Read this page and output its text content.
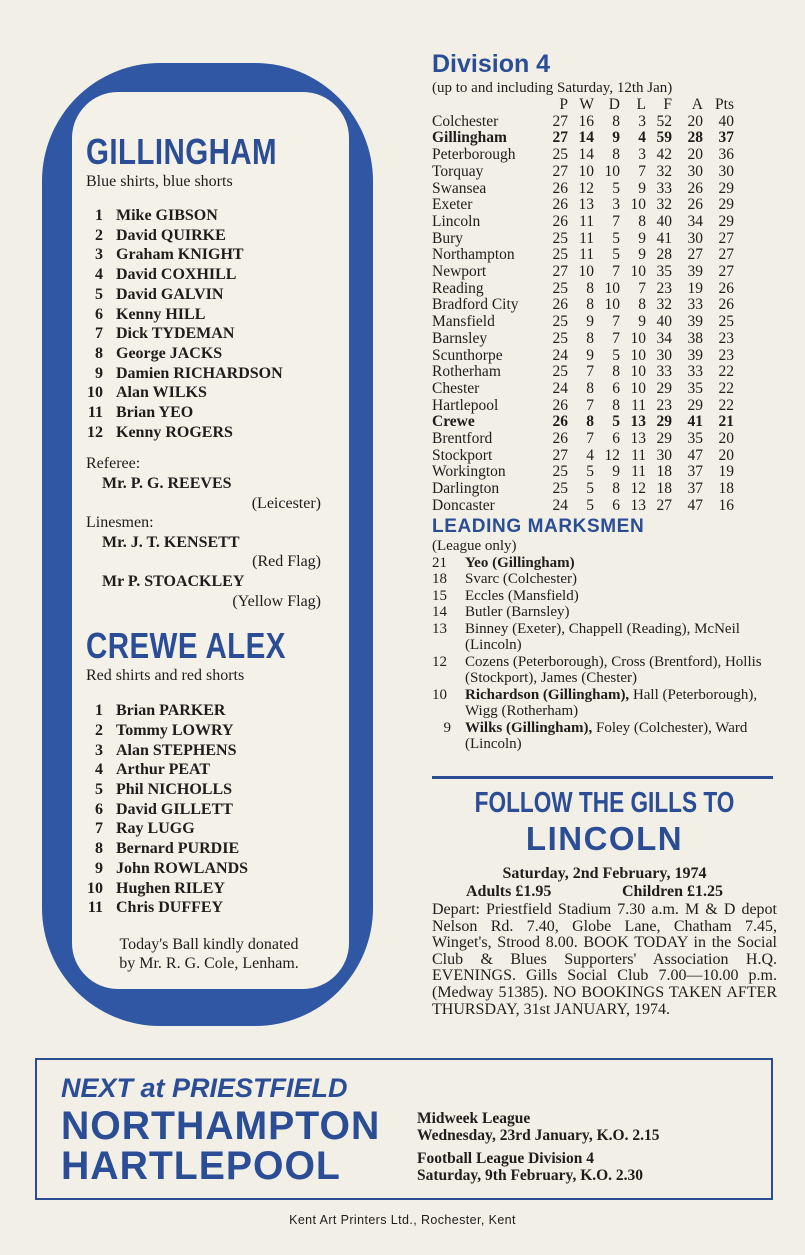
GILLINGHAM
Blue shirts, blue shorts
1 Mike GIBSON
2 David QUIRKE
3 Graham KNIGHT
4 David COXHILL
5 David GALVIN
6 Kenny HILL
7 Dick TYDEMAN
8 George JACKS
9 Damien RICHARDSON
10 Alan WILKS
11 Brian YEO
12 Kenny ROGERS
Referee:
Mr. P. G. REEVES
(Leicester)
Linesmen:
Mr. J. T. KENSETT
(Red Flag)
Mr P. STOACKLEY
(Yellow Flag)
CREWE ALEX
Red shirts and red shorts
1 Brian PARKER
2 Tommy LOWRY
3 Alan STEPHENS
4 Arthur PEAT
5 Phil NICHOLLS
6 David GILLETT
7 Ray LUGG
8 Bernard PURDIE
9 John ROWLANDS
10 Hughen RILEY
11 Chris DUFFEY
Today's Ball kindly donated
by Mr. R. G. Cole, Lenham.
Division 4
(up to and including Saturday, 12th Jan)
	P	W	D	L	F	A	Pts
Colchester	27	16	8	3	52	20	40
Gillingham	27	14	9	4	59	28	37
Peterborough	25	14	8	3	42	20	36
Torquay	27	10	10	7	32	30	30
Swansea	26	12	5	9	33	26	29
Exeter	26	13	3	10	32	26	29
Lincoln	26	11	7	8	40	34	29
Bury	25	11	5	9	41	30	27
Northampton	25	11	5	9	28	27	27
Newport	27	10	7	10	35	39	27
Reading	25	8	10	7	23	19	26
Bradford City	26	8	10	8	32	33	26
Mansfield	25	9	7	9	40	39	25
Barnsley	25	8	7	10	34	38	23
Scunthorpe	24	9	5	10	30	39	23
Rotherham	25	7	8	10	33	33	22
Chester	24	8	6	10	29	35	22
Hartlepool	26	7	8	11	23	29	22
Crewe	26	8	5	13	29	41	21
Brentford	26	7	6	13	29	35	20
Stockport	27	4	12	11	30	47	20
Workington	25	5	9	11	18	37	19
Darlington	25	5	8	12	18	37	18
Doncaster	24	5	6	13	27	47	16
LEADING MARKSMEN
(League only)
21	Yeo (Gillingham)
18	Svarc (Colchester)
15	Eccles (Mansfield)
14	Butler (Barnsley)
13	Binney (Exeter), Chappell (Reading), McNeil (Lincoln)
12	Cozens (Peterborough), Cross (Brentford), Hollis (Stockport), James (Chester)
10	Richardson (Gillingham), Hall (Peterborough), Wigg (Rotherham)
9 Wilks (Gillingham), Foley (Colchester), Ward (Lincoln)
FOLLOW THE GILLS TO
LINCOLN
Saturday, 2nd February, 1974
Adults £1.95	Children £1.25

Depart: Priestfield Stadium 7.30 a.m. M & D depot Nelson Rd. 7.40, Globe Lane, Chatham 7.45, Winget's, Strood 8.00. BOOK TODAY in the Social Club & Blues Supporters' Association H.Q. EVENINGS. Gills Social Club 7.00—10.00 p.m. (Medway 51385). NO BOOKINGS TAKEN AFTER THURSDAY, 31st JANUARY, 1974.

NEXT at PRIESTFIELD
NORTHAMPTON
HARTLEPOOL
Midweek League
Wednesday, 23rd January, K.O. 2.15
Football League Division 4
Saturday, 9th February, K.O. 2.30
Kent Art Printers Ltd., Rochester, Kent
